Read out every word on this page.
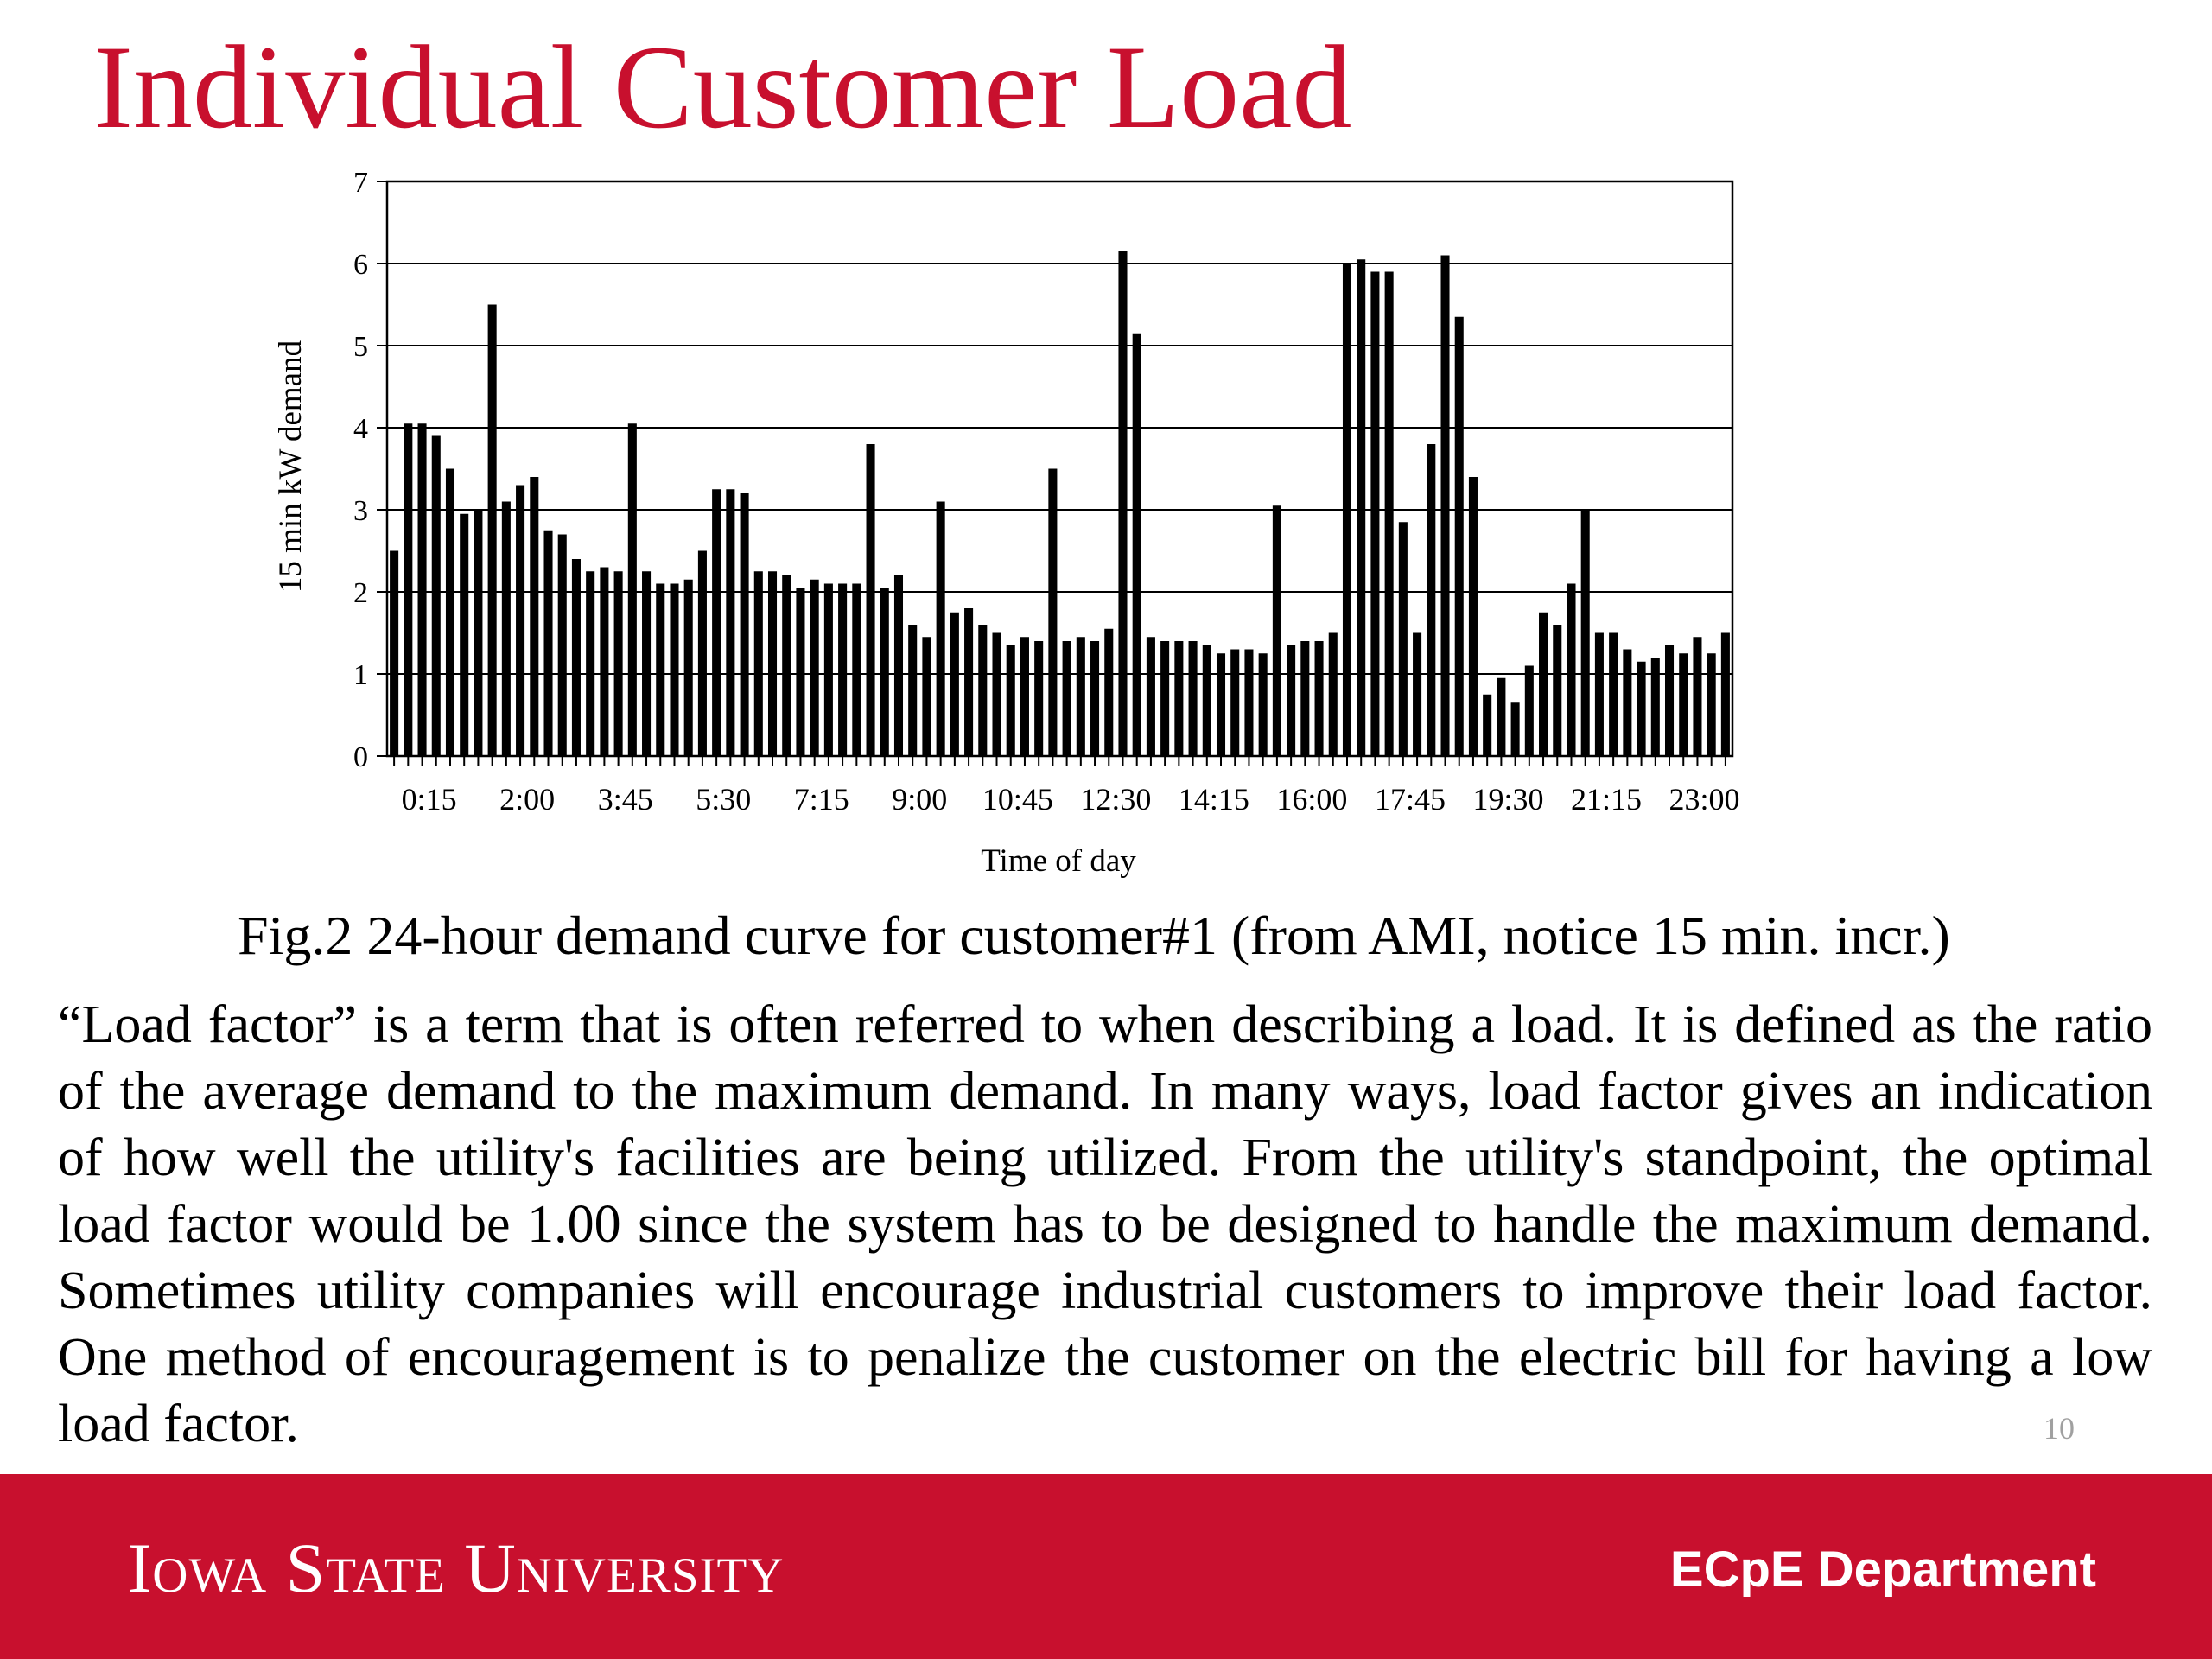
Individual Customer Load
0
1
2
3
4
5
6
7
0:15 2:00 3:45 5:30 7:15 9:00 10:45 12:30 14:15 16:00 17:45 19:30 21:15 23:00
15 min kW demand
Time of day
Fig.2 24-hour demand curve for customer#1 (from AMI, notice 15 min. incr.)

“Load factor” is a term that is often referred to when describing a load. It is defined as the ratio of the average demand to the maximum demand. In many ways, load factor gives an indication of how well the utility's facilities are being utilized. From the utility's standpoint, the optimal load factor would be 1.00 since the system has to be designed to handle the maximum demand. Sometimes utility companies will encourage industrial customers to improve their load factor. One method of encouragement is to penalize the customer on the electric bill for having a low load factor.	10
Iowa State University	ECpE Department
